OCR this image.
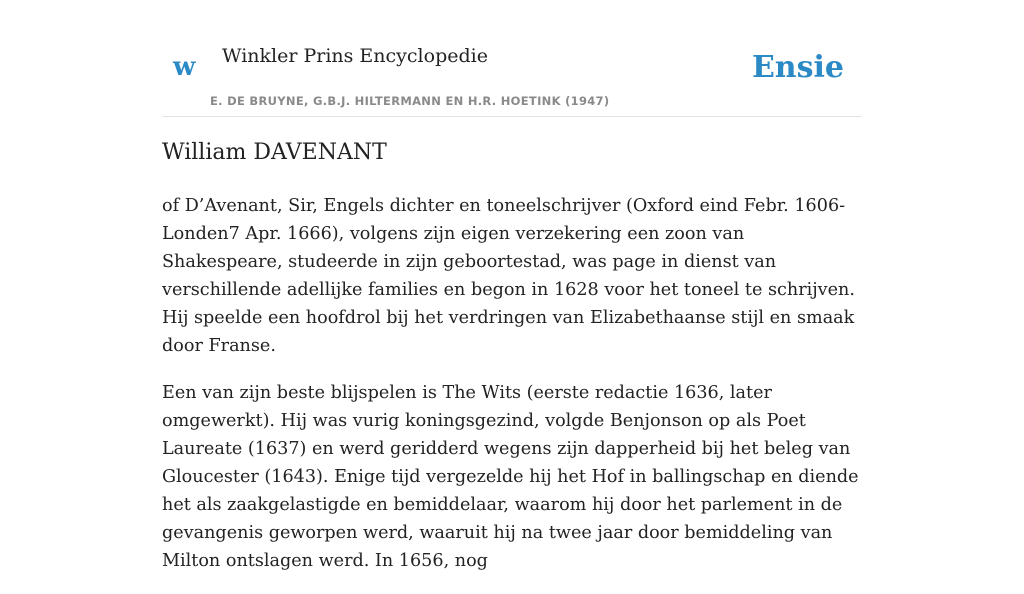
w Winkler Prins Encyclopedie
E. DE BRUYNE, G.B.J. HILTERMANN EN H.R. HOETINK (1947)
Ensie
William DAVENANT

of D’Avenant, Sir, Engels dichter en toneelschrijver (Oxford eind Febr. 1606-Londen7 Apr. 1666), volgens zijn eigen verzekering een zoon van Shakespeare, studeerde in zijn geboortestad, was page in dienst van verschillende adellijke families en begon in 1628 voor het toneel te schrijven. Hij speelde een hoofdrol bij het verdringen van Elizabethaanse stijl en smaak door Franse.

Een van zijn beste blijspelen is The Wits (eerste redactie 1636, later omgewerkt). Hij was vurig koningsgezind, volgde Benjonson op als Poet Laureate (1637) en werd geridderd wegens zijn dapperheid bij het beleg van Gloucester (1643). Enige tijd vergezelde hij het Hof in ballingschap en diende het als zaakgelastigde en bemiddelaar, waarom hij door het parlement in de gevangenis geworpen werd, waaruit hij na twee jaar door bemiddeling van Milton ontslagen werd. In 1656, nog
